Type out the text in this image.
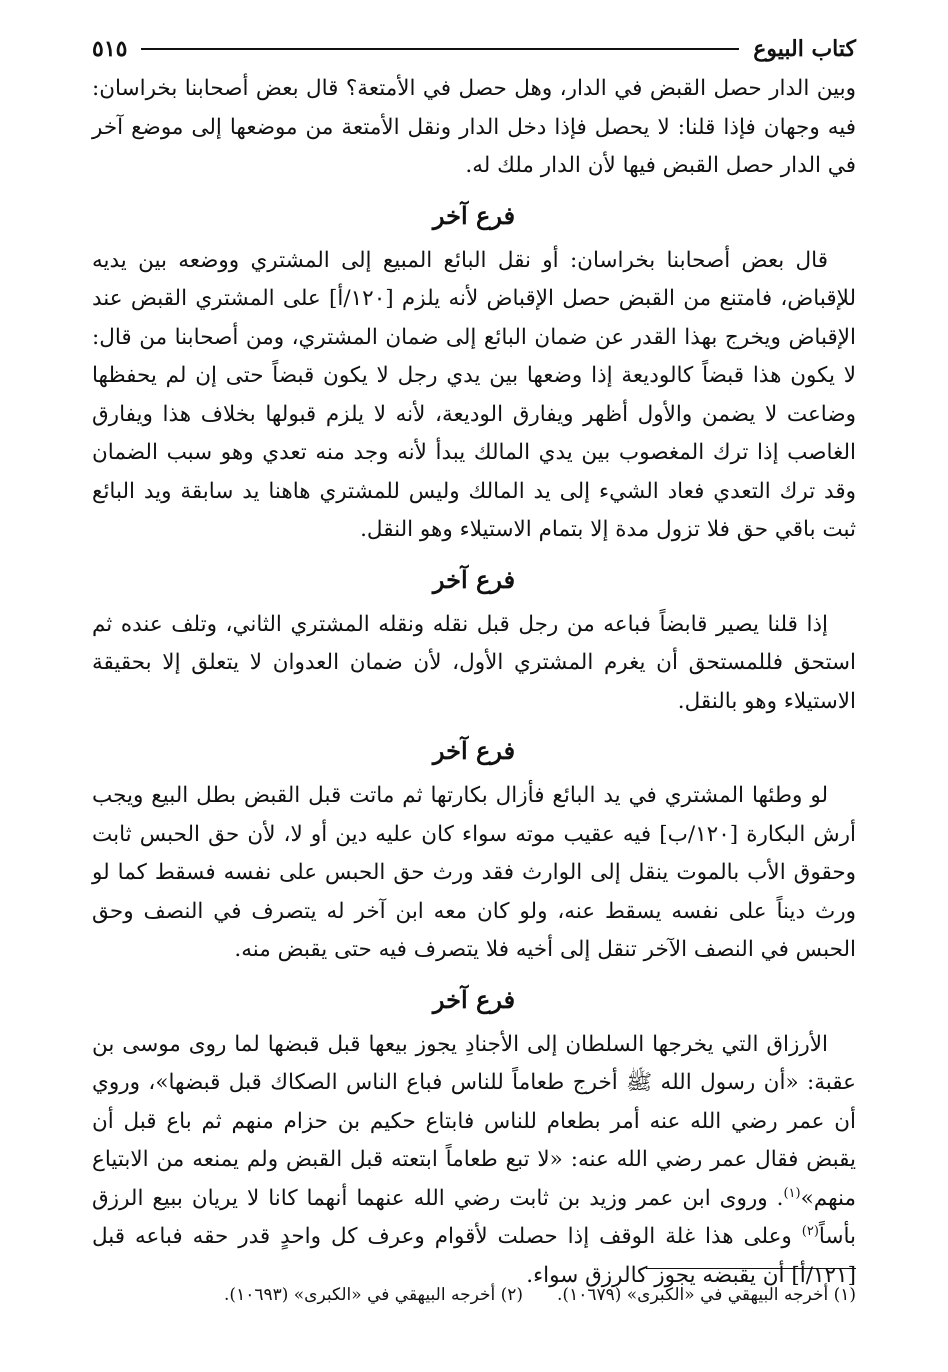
كتاب البيوع
٥١٥

وبين الدار حصل القبض في الدار، وهل حصل في الأمتعة؟ قال بعض أصحابنا بخراسان: فيه وجهان فإذا قلنا: لا يحصل فإذا دخل الدار ونقل الأمتعة من موضعها إلى موضع آخر في الدار حصل القبض فيها لأن الدار ملك له.

فرع آخر

قال بعض أصحابنا بخراسان: أو نقل البائع المبيع إلى المشتري ووضعه بين يديه للإقباض، فامتنع من القبض حصل الإقباض لأنه يلزم [١٢٠/أ] على المشتري القبض عند الإقباض ويخرج بهذا القدر عن ضمان البائع إلى ضمان المشتري، ومن أصحابنا من قال: لا يكون هذا قبضاً كالوديعة إذا وضعها بين يدي رجل لا يكون قبضاً حتى إن لم يحفظها وضاعت لا يضمن والأول أظهر ويفارق الوديعة، لأنه لا يلزم قبولها بخلاف هذا ويفارق الغاصب إذا ترك المغصوب بين يدي المالك يبدأ لأنه وجد منه تعدي وهو سبب الضمان وقد ترك التعدي فعاد الشيء إلى يد المالك وليس للمشتري هاهنا يد سابقة ويد البائع ثبت باقي حق فلا تزول مدة إلا بتمام الاستيلاء وهو النقل.

فرع آخر

إذا قلنا يصير قابضاً فباعه من رجل قبل نقله ونقله المشتري الثاني، وتلف عنده ثم استحق فللمستحق أن يغرم المشتري الأول، لأن ضمان العدوان لا يتعلق إلا بحقيقة الاستيلاء وهو بالنقل.

فرع آخر

لو وطئها المشتري في يد البائع فأزال بكارتها ثم ماتت قبل القبض بطل البيع ويجب أرش البكارة [١٢٠/ب] فيه عقيب موته سواء كان عليه دين أو لا، لأن حق الحبس ثابت وحقوق الأب بالموت ينقل إلى الوارث فقد ورث حق الحبس على نفسه فسقط كما لو ورث ديناً على نفسه يسقط عنه، ولو كان معه ابن آخر له يتصرف في النصف وحق الحبس في النصف الآخر تنقل إلى أخيه فلا يتصرف فيه حتى يقبض منه.

فرع آخر

الأرزاق التي يخرجها السلطان إلى الأجنادِ يجوز بيعها قبل قبضها لما روى موسى بن عقبة: «أن رسول الله ﷺ أخرج طعاماً للناس فباع الناس الصكاك قبل قبضها»، وروي أن عمر رضي الله عنه أمر بطعام للناس فابتاع حكيم بن حزام منهم ثم باع قبل أن يقبض فقال عمر رضي الله عنه: «لا تبع طعاماً ابتعته قبل القبض ولم يمنعه من الابتياع منهم»$^{(١)}$. وروى ابن عمر وزيد بن ثابت رضي الله عنهما أنهما كانا لا يريان ببيع الرزق بأساً$^{(٢)}$ وعلى هذا غلة الوقف إذا حصلت لأقوام وعرف كل واحدٍ قدر حقه فباعه قبل [١٢١/أ] أن يقبضه يجوز كالرزق سواء.

(١) أخرجه البيهقي في «الكبرى» (١٠٦٧٩).
(٢) أخرجه البيهقي في «الكبرى» (١٠٦٩٣).
